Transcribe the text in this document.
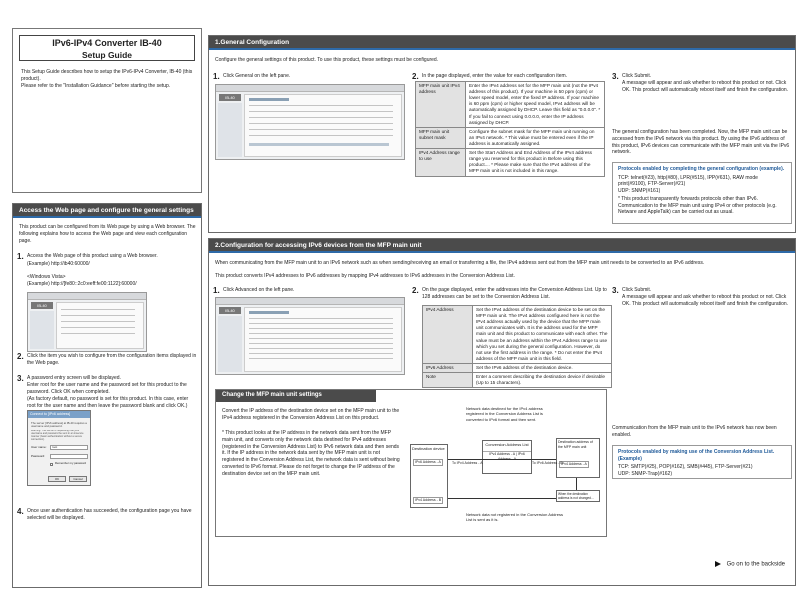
IPv6-IPv4 Converter IB-40
Setup Guide
This Setup Guide describes how to setup the IPv6-IPv4 Converter, IB-40 (this product).
Please refer to the "Installation Guidance" before starting the setup.
Access the Web page and configure the general settings
This product can be configured from its Web page by using a Web browser. The following explains how to access the Web page and view each configuration page.
1. Access the Web page of this product using a Web browser.
(Example) http://ib40:60000/
<Windows Vista>
(Example) http://[fe80::2c0:eeff:fe00:1122]:60000/
IB-40
2. Click the item you wish to configure from the configuration items displayed in the Web page.
3. A password entry screen will be displayed.
Enter root for the user name and the password set for this product to the password. Click OK when completed.
(As factory default, no password is set for this product. In this case, enter root for the user name and then leave the password blank and click OK.)
Connect to [IPv6 address]
The server [IPv6 address] at IB-40 requires a username and password.
Warning: This server is requesting that your username and password be sent in an insecure manner (basic authentication without a secure connection).
User name:	root
Password:
Remember my password
OK	Cancel
4. Once user authentication has succeeded, the configuration page you have selected will be displayed.
1.General Configuration
Configure the general settings of this product. To use this product, these settings must be configured.
1. Click General on the left pane.
IB-40
2. In the page displayed, enter the value for each configuration item.
MFP main unit IPv4 address	Enter the IPv4 address set for the MFP main unit (not the IPv4 address of this product). If your machine is 50 ppm (cpm) or lower speed model, enter the fixed IP address. If your machine is 60 ppm (cpm) or higher speed model, IPv4 address will be automatically assigned by DHCP. Leave this field as "0.0.0.0". * If you fail to connect using 0.0.0.0, enter the IP address assigned by DHCP.
MFP main unit subnet mask	Configure the subnet mask for the MFP main unit running on an IPv4 network. * This value must be entered even if the IP address is automatically assigned.
IPv4 Address range to use	Set the Start Address and End Address of the IPv4 address range you reserved for this product in Before using this product.... * Please make sure that the IPv4 address of the MFP main unit is not included in this range.
3. Click Submit.
A message will appear and ask whether to reboot this product or not. Click OK. This product will automatically reboot itself and finish the configuration.
The general configuration has been completed. Now, the MFP main unit can be accessed from the IPv6 network via this product. By using the IPv6 address of this product, IPv6 devices can communicate with the MFP main unit via the IPv6 network.
Protocols enabled by completing the general configuration (example).
TCP: telnet(#23), http(#80), LPR(#515), IPP(#631), RAW mode print(#9100), FTP-Server(#21)
UDP: SNMP(#161)
* This product transparently forwards protocols other than IPv6. Communication to the MFP main unit using IPv4 or other protocols (e.g. Netware and AppleTalk) can be carried out as usual.
2.Configuration for accessing IPv6 devices from the MFP main unit
When communicating from the MFP main unit to an IPv6 network such as when sending/receiving an email or transferring a file, the IPv4 address sent out from the MFP main unit needs to be converted to an IPv6 address.
This product converts IPv4 addresses to IPv6 addresses by mapping IPv4 addresses to IPv6 addresses in the Conversion Address List.
1. Click Advanced on the left pane.
IB-40
2. On the page displayed, enter the addresses into the Conversion Address List. Up to 128 addresses can be set to the Conversion Address List.
IPv4 Address	Set the IPv4 address of the destination device to be set on the MFP main unit. The IPv4 address configured here is not the IPv4 address actually used by the device that the MFP main unit communicates with. It is the address used for the MFP main unit and this product to communicate with each other. The value must be an address within the IPv4 Address range to use which you set during the general configuration. However, do not use the first address in the range. * Do not enter the IPv4 address of the MFP main unit in this field.
IPv6 Address	Set the IPv6 address of the destination device.
Note	Enter a comment describing the destination device if desirable (Up to 15 characters).
3. Click Submit.
A message will appear and ask whether to reboot this product or not. Click OK. This product will automatically reboot itself and finish the configuration.
Change the MFP main unit settings
Convert the IP address of the destination device set on the MFP main unit to the IPv4 address registered in the Conversion Address List on this product.
* This product looks at the IP address in the network data sent from the MFP main unit, and converts only the network data destined for IPv4 addresses (registered in the Conversion Address List) to IPv6 network data and then sends it. If the IP address in the network data sent by the MFP main unit is not registered in the Conversion Address List, the network data is sent without being converted to IPv6 format. Please do not forget to change the IP address of the destination device set on the MFP main unit.
Network data destined for the IPv4 address registered in the Conversion Address List is converted to IPv6 format and then sent.
Destination device
IPv6 Address - A
IPv4 Address - B
Conversion Address List
IPv4 Address - A | IPv6
Destination address of the MFP main unit
IPv4 Address - A
To IPv4 Address - A	To IPv6 Address - B
When the destination address is not changed...
Network data not registered in the Conversion Address List is sent as it is.
Communication from the MFP main unit to the IPv6 network has now been enabled.
Protocols enabled by making use of the Conversion Address List. (Example)
TCP: SMTP(#25), POP(#162), SMB(#445), FTP-Server(#21)
UDP: SNMP-Trap(#162)
Go on to the backside
